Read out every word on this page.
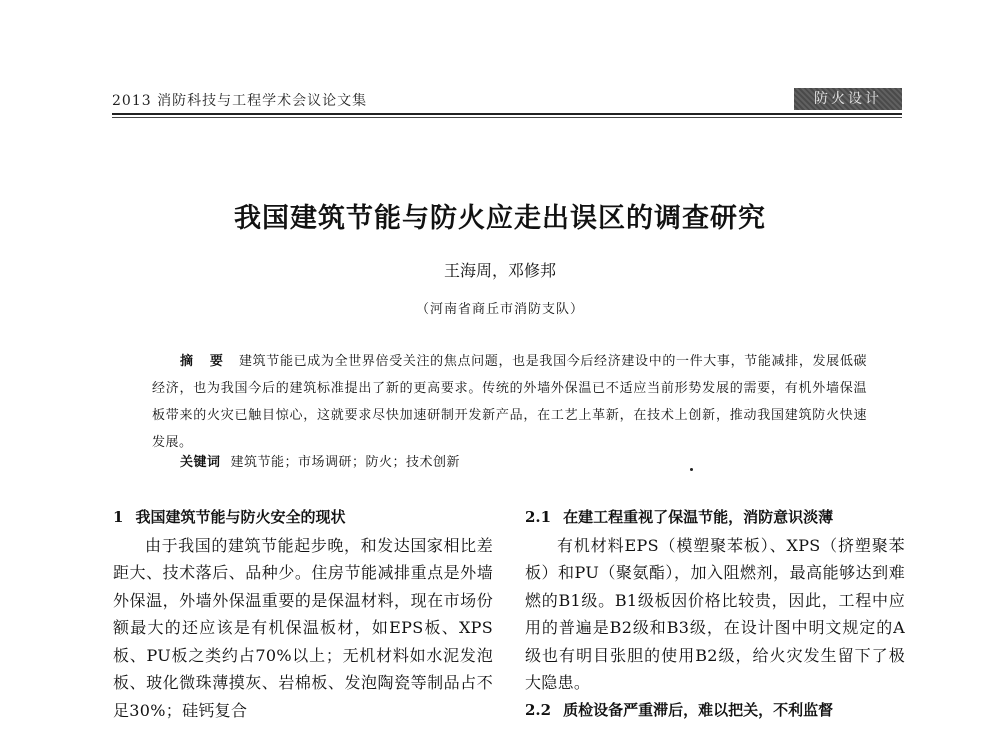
2013 消防科技与工程学术会议论文集	防火设计
我国建筑节能与防火应走出误区的调查研究
王海周，邓修邦
（河南省商丘市消防支队）
摘 要 建筑节能已成为全世界倍受关注的焦点问题，也是我国今后经济建设中的一件大事，节能减排，发展低碳经济，也为我国今后的建筑标准提出了新的更高要求。传统的外墙外保温已不适应当前形势发展的需要，有机外墙保温板带来的火灾已触目惊心，这就要求尽快加速研制开发新产品，在工艺上革新，在技术上创新，推动我国建筑防火快速发展。
关键词 建筑节能；市场调研；防火；技术创新
1 我国建筑节能与防火安全的现状
由于我国的建筑节能起步晚，和发达国家相比差距大、技术落后、品种少。住房节能减排重点是外墙外保温，外墙外保温重要的是保温材料，现在市场份额最大的还应该是有机保温板材，如EPS板、XPS板、PU板之类约占70%以上；无机材料如水泥发泡板、玻化微珠薄摸灰、岩棉板、发泡陶瓷等制品占不足30%；硅钙复合
2.1 在建工程重视了保温节能，消防意识淡薄
有机材料EPS（模塑聚苯板）、XPS（挤塑聚苯板）和PU（聚氨酯），加入阻燃剂，最高能够达到难燃的B1级。B1级板因价格比较贵，因此，工程中应用的普遍是B2级和B3级，在设计图中明文规定的A级也有明目张胆的使用B2级，给火灾发生留下了极大隐患。
2.2 质检设备严重滞后，难以把关，不利监督
